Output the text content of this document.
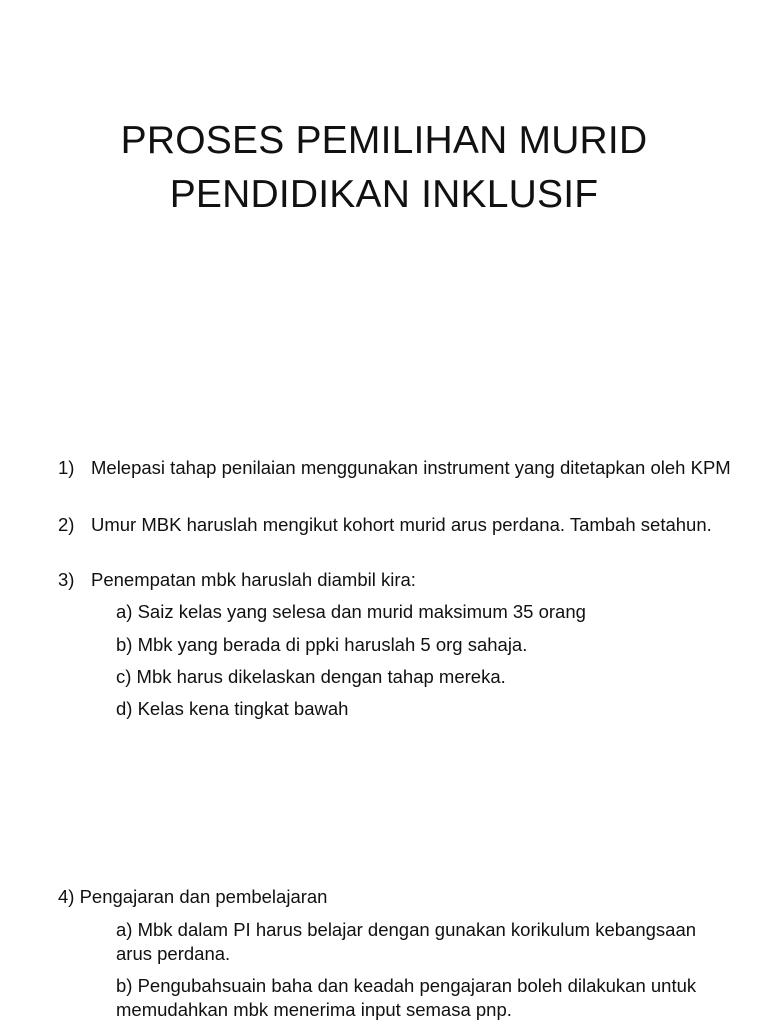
PROSES PEMILIHAN MURID
PENDIDIKAN INKLUSIF
1) Melepasi tahap penilaian menggunakan instrument yang ditetapkan oleh KPM
2) Umur MBK haruslah mengikut kohort murid arus perdana. Tambah setahun.
3) Penempatan mbk haruslah diambil kira:
a) Saiz kelas yang selesa dan murid maksimum 35 orang
b) Mbk yang berada di ppki haruslah 5 org sahaja.
c) Mbk harus dikelaskan dengan tahap mereka.
d) Kelas kena tingkat bawah
4) Pengajaran dan pembelajaran
a) Mbk dalam PI harus belajar dengan gunakan korikulum kebangsaan arus perdana.
b) Pengubahsuain baha dan keadah pengajaran boleh dilakukan untuk memudahkan mbk menerima input semasa pnp.
